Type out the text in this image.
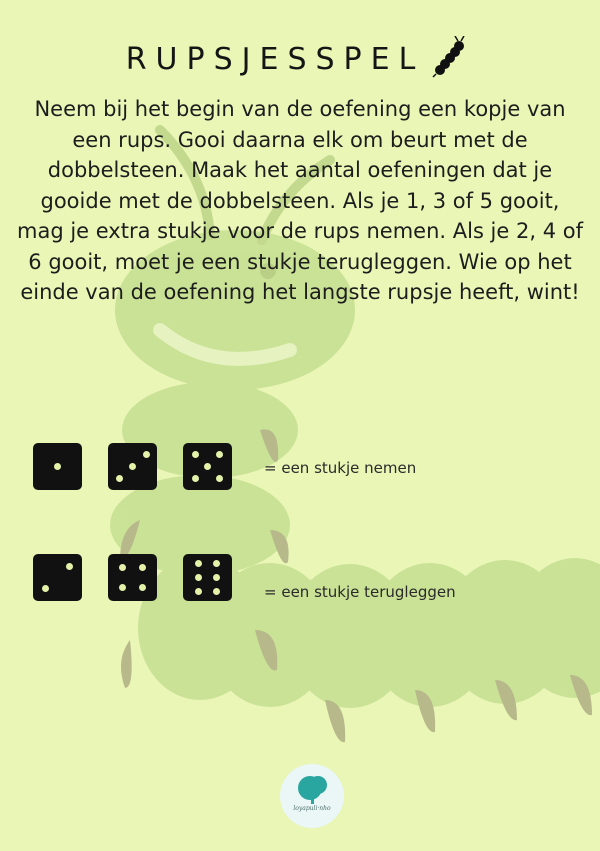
RUPSJESSPEL
Neem bij het begin van de oefening een kopje van een rups. Gooi daarna elk om beurt met de dobbelsteen. Maak het aantal oefeningen dat je gooide met de dobbelsteen. Als je 1, 3 of 5 gooit, mag je extra stukje voor de rups nemen. Als je 2, 4 of 6 gooit, moet je een stukje terugleggen. Wie op het einde van de oefening het langste rupsje heeft, wint!
= een stukje nemen
= een stukje terugleggen
loyapuli·nho
